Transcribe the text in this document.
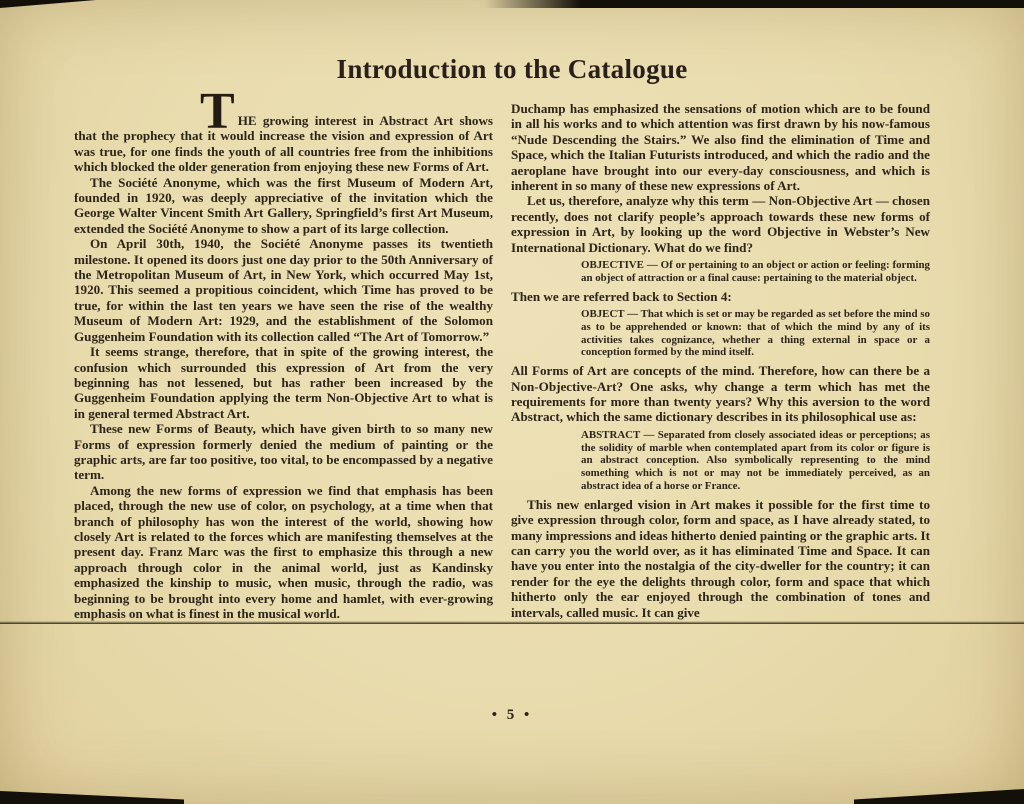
Introduction to the Catalogue

THE growing interest in Abstract Art shows that the prophecy that it would increase the vision and expression of Art was true, for one finds the youth of all countries free from the inhibitions which blocked the older generation from enjoying these new Forms of Art.

The Société Anonyme, which was the first Museum of Modern Art, founded in 1920, was deeply appreciative of the invitation which the George Walter Vincent Smith Art Gallery, Springfield’s first Art Museum, extended the Société Anonyme to show a part of its large collection.

On April 30th, 1940, the Société Anonyme passes its twentieth milestone. It opened its doors just one day prior to the 50th Anniversary of the Metropolitan Museum of Art, in New York, which occurred May 1st, 1920. This seemed a propitious coincident, which Time has proved to be true, for within the last ten years we have seen the rise of the wealthy Museum of Modern Art: 1929, and the establishment of the Solomon Guggenheim Foundation with its collection called “The Art of Tomorrow.”

It seems strange, therefore, that in spite of the growing interest, the confusion which surrounded this expression of Art from the very beginning has not lessened, but has rather been increased by the Guggenheim Foundation applying the term Non-Objective Art to what is in general termed Abstract Art.

These new Forms of Beauty, which have given birth to so many new Forms of expression formerly denied the medium of painting or the graphic arts, are far too positive, too vital, to be encompassed by a negative term.

Among the new forms of expression we find that emphasis has been placed, through the new use of color, on psychology, at a time when that branch of philosophy has won the interest of the world, showing how closely Art is related to the forces which are manifesting themselves at the present day. Franz Marc was the first to emphasize this through a new approach through color in the animal world, just as Kandinsky emphasized the kinship to music, when music, through the radio, was beginning to be brought into every home and hamlet, with ever-growing emphasis on what is finest in the musical world.

Duchamp has emphasized the sensations of motion which are to be found in all his works and to which attention was first drawn by his now-famous “Nude Descending the Stairs.” We also find the elimination of Time and Space, which the Italian Futurists introduced, and which the radio and the aeroplane have brought into our every-day consciousness, and which is inherent in so many of these new expressions of Art.

Let us, therefore, analyze why this term — Non-Objective Art — chosen recently, does not clarify people’s approach towards these new forms of expression in Art, by looking up the word Objective in Webster’s New International Dictionary. What do we find?

OBJECTIVE — Of or pertaining to an object or action or feeling: forming an object of attraction or a final cause: pertaining to the material object.

Then we are referred back to Section 4:

OBJECT — That which is set or may be regarded as set before the mind so as to be apprehended or known: that of which the mind by any of its activities takes cognizance, whether a thing external in space or a conception formed by the mind itself.

All Forms of Art are concepts of the mind. Therefore, how can there be a Non-Objective-Art? One asks, why change a term which has met the requirements for more than twenty years? Why this aversion to the word Abstract, which the same dictionary describes in its philosophical use as:

ABSTRACT — Separated from closely associated ideas or perceptions; as the solidity of marble when contemplated apart from its color or figure is an abstract conception. Also symbolically representing to the mind something which is not or may not be immediately perceived, as an abstract idea of a horse or France.

This new enlarged vision in Art makes it possible for the first time to give expression through color, form and space, as I have already stated, to many impressions and ideas hitherto denied painting or the graphic arts. It can carry you the world over, as it has eliminated Time and Space. It can have you enter into the nostalgia of the city-dweller for the country; it can render for the eye the delights through color, form and space that which hitherto only the ear enjoyed through the combination of tones and intervals, called music. It can give

• 5 •
